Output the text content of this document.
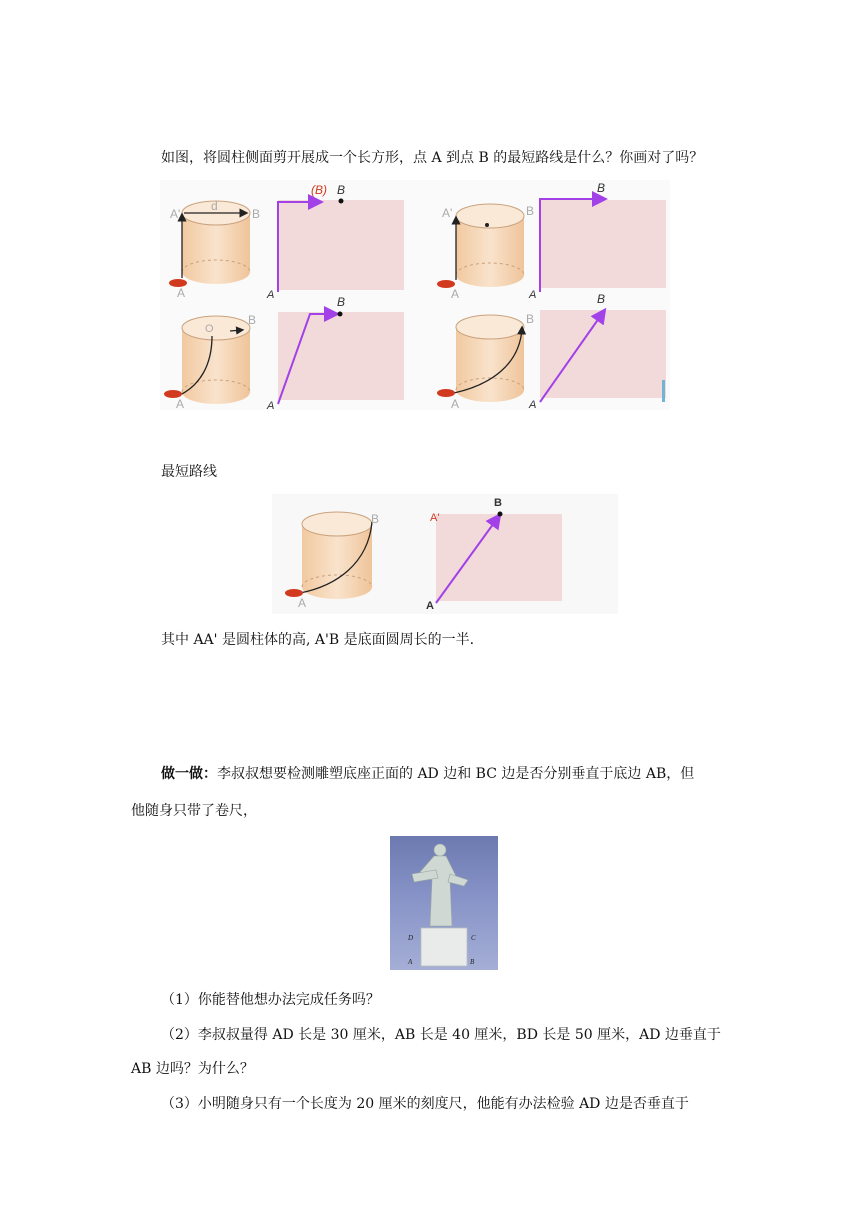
如图，将圆柱侧面剪开展成一个长方形，点 A 到点 B 的最短路线是什么？你画对了吗？
A'
d
B
A
(B) B
A
A'	B
A
B
A
O
B
A
B
A
B
A
B
A
最短路线
B
A
B
A'
A
其中 AA' 是圆柱体的高, A'B 是底面圆周长的一半.
做一做：李叔叔想要检测雕塑底座正面的 AD 边和 BC 边是否分别垂直于底边 AB，但
他随身只带了卷尺，
D	C
A	B
（1）你能替他想办法完成任务吗？
（2）李叔叔量得 AD 长是 30 厘米，AB 长是 40 厘米，BD 长是 50 厘米，AD 边垂直于
AB 边吗？为什么？
（3）小明随身只有一个长度为 20 厘米的刻度尺，他能有办法检验 AD 边是否垂直于
